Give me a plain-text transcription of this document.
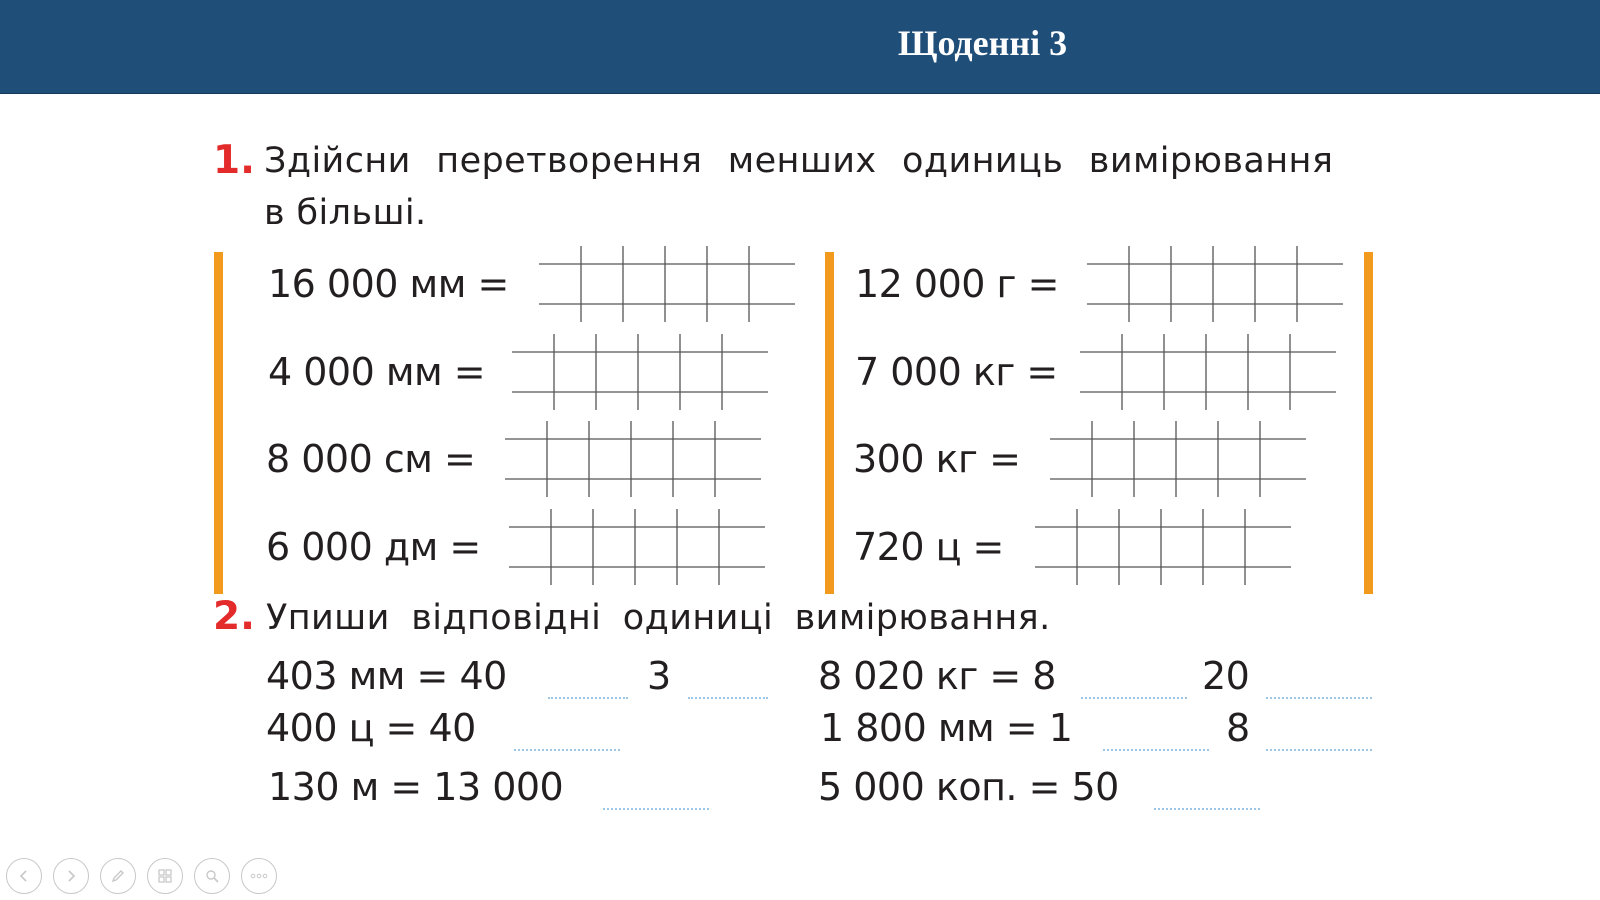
Щоденні 3
1. Здійсни перетворення менших одиниць вимірювання
в більші.
16 000 мм =
4 000 мм =
8 000 см =
6 000 дм =
12 000 г =
7 000 кг =
300 кг =
720 ц =
2. Упиши відповідні одиниці вимірювання.
403 мм = 40	3
400 ц = 40
130 м = 13 000
8 020 кг = 8	20
1 800 мм = 1	8
5 000 коп. = 50
